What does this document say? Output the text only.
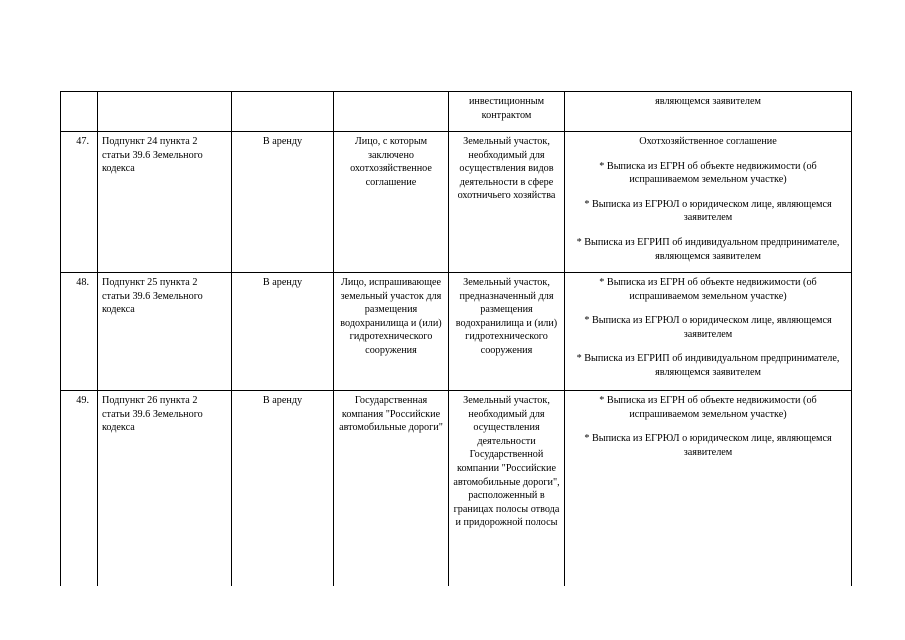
				инвестиционным контрактом	являющемся заявителем
47.	Подпункт 24 пункта 2 статьи 39.6 Земельного кодекса	В аренду	Лицо, с которым заключено охотхозяйственное соглашение	Земельный участок, необходимый для осуществления видов деятельности в сфере охотничьего хозяйства	Охотхозяйственное соглашение
* Выписка из ЕГРН об объекте недвижимости (об испрашиваемом земельном участке)
* Выписка из ЕГРЮЛ о юридическом лице, являющемся заявителем
* Выписка из ЕГРИП об индивидуальном предпринимателе, являющемся заявителем

48.	Подпункт 25 пункта 2 статьи 39.6 Земельного кодекса	В аренду	Лицо, испрашивающее земельный участок для размещения водохранилища и (или) гидротехнического сооружения	Земельный участок, предназначенный для размещения водохранилища и (или) гидротехнического сооружения	* Выписка из ЕГРН об объекте недвижимости (об испрашиваемом земельном участке)
* Выписка из ЕГРЮЛ о юридическом лице, являющемся заявителем
* Выписка из ЕГРИП об индивидуальном предпринимателе, являющемся заявителем

49.	Подпункт 26 пункта 2 статьи 39.6 Земельного кодекса	В аренду	Государственная компания "Российские автомобильные дороги"	Земельный участок, необходимый для осуществления деятельности Государственной компании "Российские автомобильные дороги", расположенный в границах полосы отвода и придорожной полосы	* Выписка из ЕГРН об объекте недвижимости (об испрашиваемом земельном участке)
* Выписка из ЕГРЮЛ о юридическом лице, являющемся заявителем
